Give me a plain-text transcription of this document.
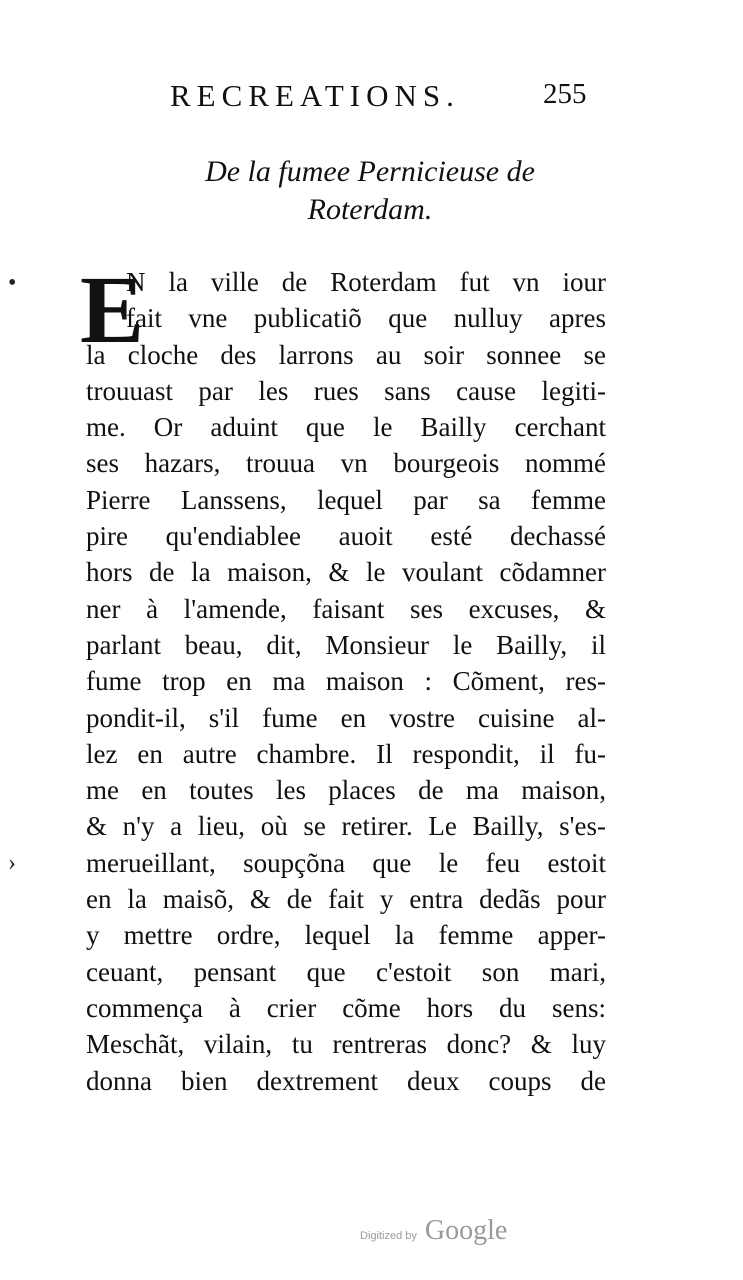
RECREATIONS.	255
De la fumee Pernicieuse de
Roterdam.
•
›
E
N la ville de Roterdam fut vn iour
fait vne publicatiõ que nulluy apres
la cloche des larrons au soir sonnee se
trouuast par les rues sans cause legiti-
me. Or aduint que le Bailly cerchant
ses hazars, trouua vn bourgeois nommé
Pierre Lanssens, lequel par sa femme
pire qu'endiablee auoit esté dechassé
hors de la maison, & le voulant cõdamner
ner à l'amende, faisant ses excuses, &
parlant beau, dit, Monsieur le Bailly, il
fume trop en ma maison : Cõment, res-
pondit-il, s'il fume en vostre cuisine al-
lez en autre chambre. Il respondit, il fu-
me en toutes les places de ma maison,
& n'y a lieu, où se retirer. Le Bailly, s'es-
merueillant, soupçõna que le feu estoit
en la maisõ, & de fait y entra dedãs pour
y mettre ordre, lequel la femme apper-
ceuant, pensant que c'estoit son mari,
commença à crier cõme hors du sens:
Meschãt, vilain, tu rentreras donc? & luy
donna bien dextrement deux coups de
Digitized by Google
